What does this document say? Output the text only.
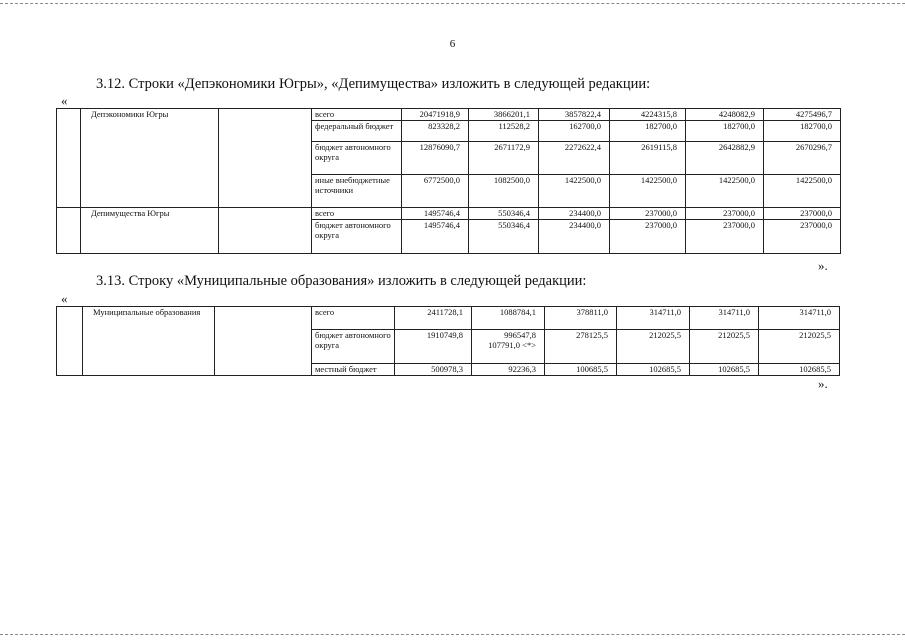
6
3.12. Строки «Депэкономики Югры», «Депимущества» изложить в следующей редакции:
«
	Депэкономики Югры		всего	20471918,9	3866201,1	3857822,4	4224315,8	4248082,9	4275496,7
			федеральный бюджет	823328,2	112528,2	162700,0	182700,0	182700,0	182700,0
			бюджет автономного округа	12876090,7	2671172,9	2272622,4	2619115,8	2642882,9	2670296,7
			иные внебюджетные источники	6772500,0	1082500,0	1422500,0	1422500,0	1422500,0	1422500,0
	Депимущества Югры		всего	1495746,4	550346,4	234400,0	237000,0	237000,0	237000,0
			бюджет автономного округа	1495746,4	550346,4	234400,0	237000,0	237000,0	237000,0
».
3.13. Строку «Муниципальные образования» изложить в следующей редакции:
«
	Муниципальные образования		всего	2411728,1	1088784,1	378811,0	314711,0	314711,0	314711,0
			бюджет автономного округа	1910749,8	996547,8 107791,0 <*>	278125,5	212025,5	212025,5	212025,5
			местный бюджет	500978,3	92236,3	100685,5	102685,5	102685,5	102685,5
».
